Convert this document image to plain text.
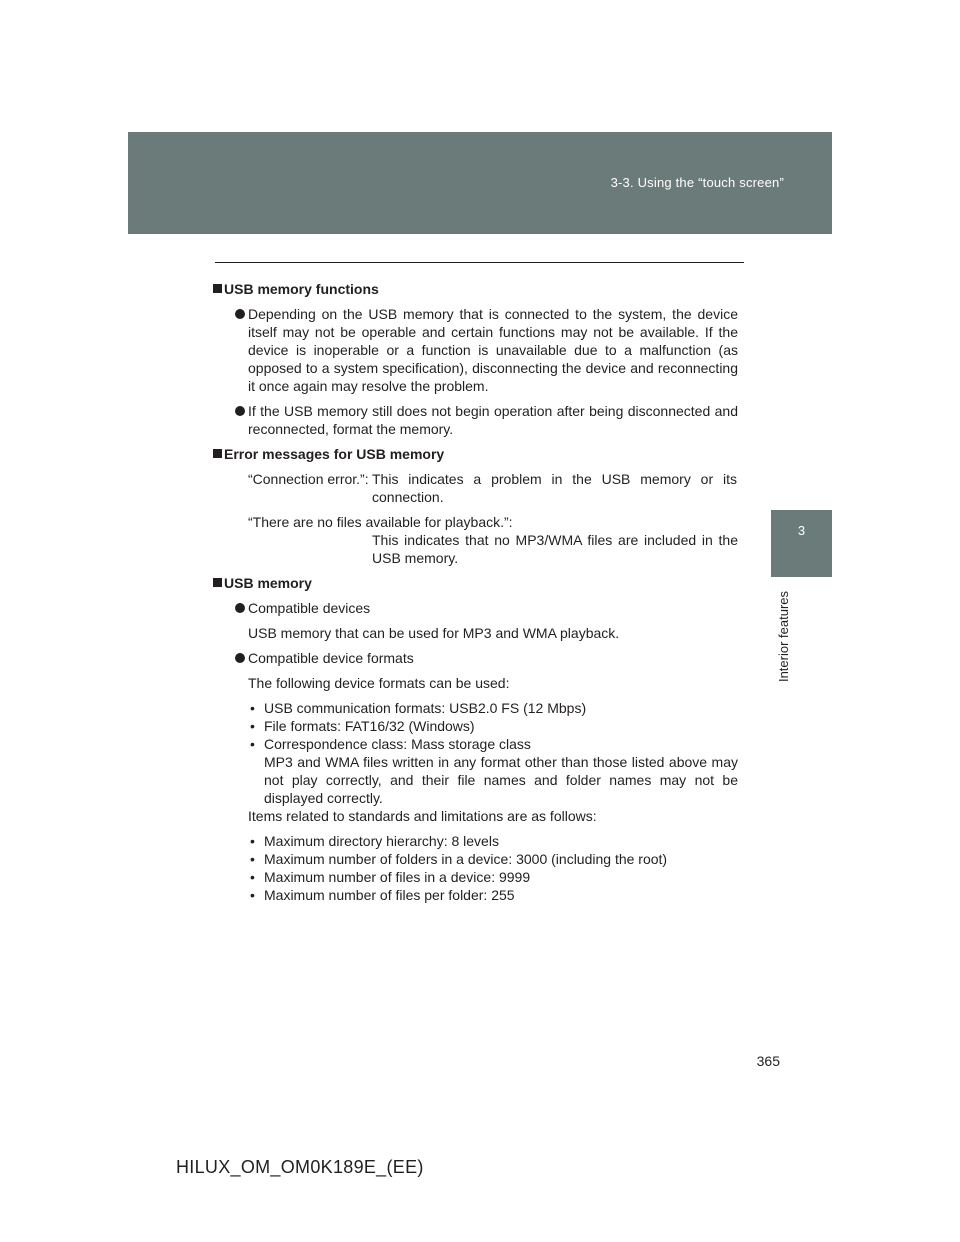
3-3. Using the “touch screen”
3
Interior features
USB memory functions
Depending on the USB memory that is connected to the system, the device itself may not be operable and certain functions may not be available. If the device is inoperable or a function is unavailable due to a malfunction (as opposed to a system specification), disconnecting the device and reconnecting it once again may resolve the problem.
If the USB memory still does not begin operation after being disconnected and reconnected, format the memory.
Error messages for USB memory
“Connection error.”: This indicates a problem in the USB memory or its connection.
“There are no files available for playback.”:
This indicates that no MP3/WMA files are included in the USB memory.
USB memory
Compatible devices
USB memory that can be used for MP3 and WMA playback.
Compatible device formats
The following device formats can be used:
• USB communication formats: USB2.0 FS (12 Mbps)
• File formats: FAT16/32 (Windows)
• Correspondence class: Mass storage class
MP3 and WMA files written in any format other than those listed above may not play correctly, and their file names and folder names may not be displayed correctly.
Items related to standards and limitations are as follows:
• Maximum directory hierarchy: 8 levels
• Maximum number of folders in a device: 3000 (including the root)
• Maximum number of files in a device: 9999
• Maximum number of files per folder: 255
365
HILUX_OM_OM0K189E_(EE)
